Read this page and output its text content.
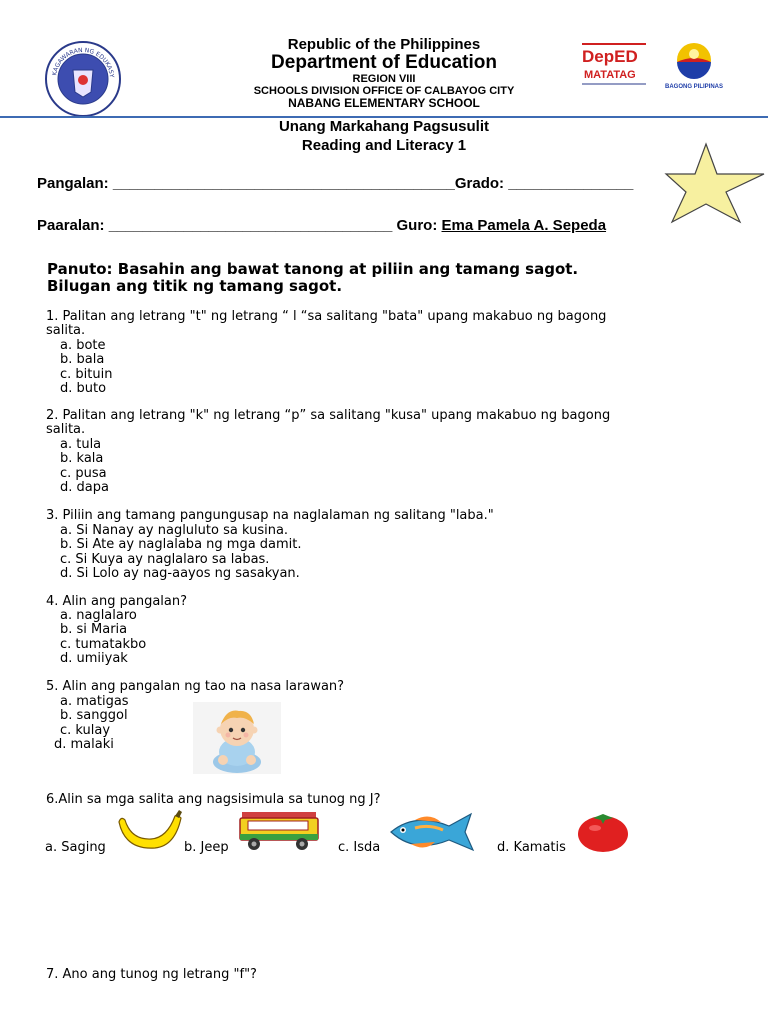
KAGAWARAN NG EDUKASY
Republic of the Philippines
Department of Education
REGION VIII
SCHOOLS DIVISION OFFICE OF CALBAYOG CITY
NABANG ELEMENTARY SCHOOL
DepED
MATATAG
BAGONG PILIPINAS
Unang Markahang Pagsusulit
Reading and Literacy 1
Pangalan: _________________________________________Grado: _______________
Paaralan: __________________________________ Guro: Ema Pamela A. Sepeda
Panuto: Basahin ang bawat tanong at piliin ang tamang sagot.
Bilugan ang titik ng tamang sagot.
1. Palitan ang letrang "t" ng letrang “ l “sa salitang "bata" upang makabuo ng bagong
salita.
a. bote
b. bala
c. bituin
d. buto
2. Palitan ang letrang "k" ng letrang “p” sa salitang "kusa" upang makabuo ng bagong
salita.
a. tula
b. kala
c. pusa
d. dapa
3. Piliin ang tamang pangungusap na naglalaman ng salitang "laba."
a. Si Nanay ay nagluluto sa kusina.
b. Si Ate ay naglalaba ng mga damit.
c. Si Kuya ay naglalaro sa labas.
d. Si Lolo ay nag-aayos ng sasakyan.
4. Alin ang pangalan?
a. naglalaro
b. si Maria
c. tumatakbo
d. umiiyak
5. Alin ang pangalan ng tao na nasa larawan?
a. matigas
b. sanggol
c. kulay
d. malaki
6.Alin sa mga salita ang nagsisimula sa tunog ng J?
a. Saging	b. Jeep	c. Isda	d. Kamatis
7. Ano ang tunog ng letrang "f"?
